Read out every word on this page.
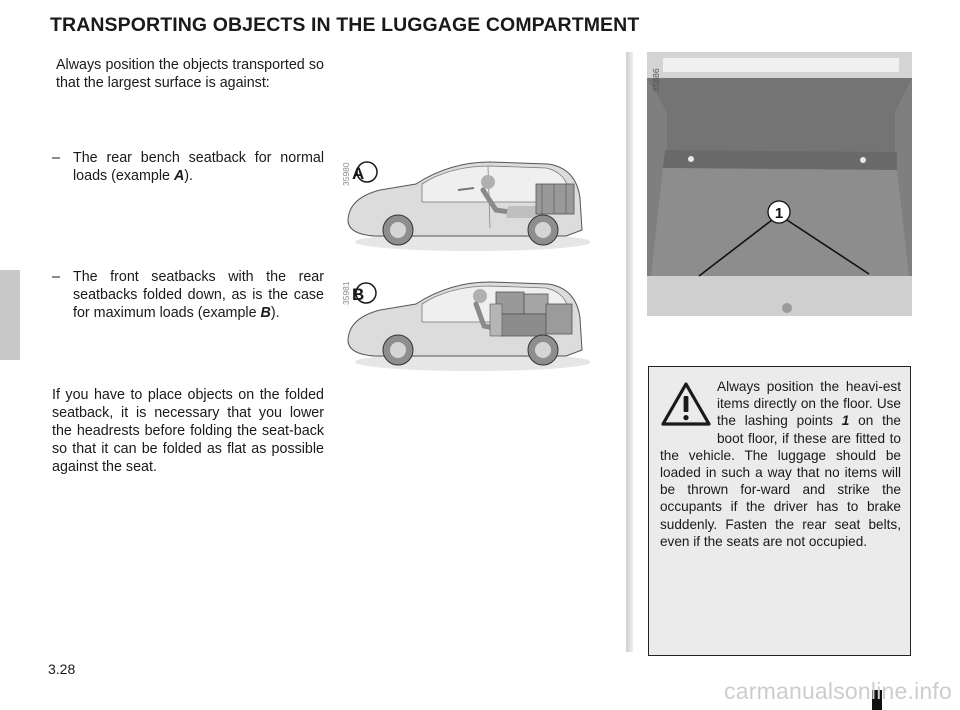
TRANSPORTING OBJECTS IN THE LUGGAGE COMPARTMENT

Always position the objects transported so that the largest surface is against:

– The rear bench seatback for normal loads (example A).
– The front seatbacks with the rear seatbacks folded down, as is the case for maximum loads (example B).

If you have to place objects on the folded seatback, it is necessary that you lower the headrests before folding the seat-back so that it can be folded as flat as possible against the seat.

35980 A
35981 B
1
35886
Always position the heavi-est items directly on the floor. Use the lashing points 1 on the boot floor, if these are fitted to the vehicle. The luggage should be loaded in such a way that no items will be thrown for-ward and strike the occupants if the driver has to brake suddenly. Fasten the rear seat belts, even if the seats are not occupied.
3.28
carmanualsonline.info
